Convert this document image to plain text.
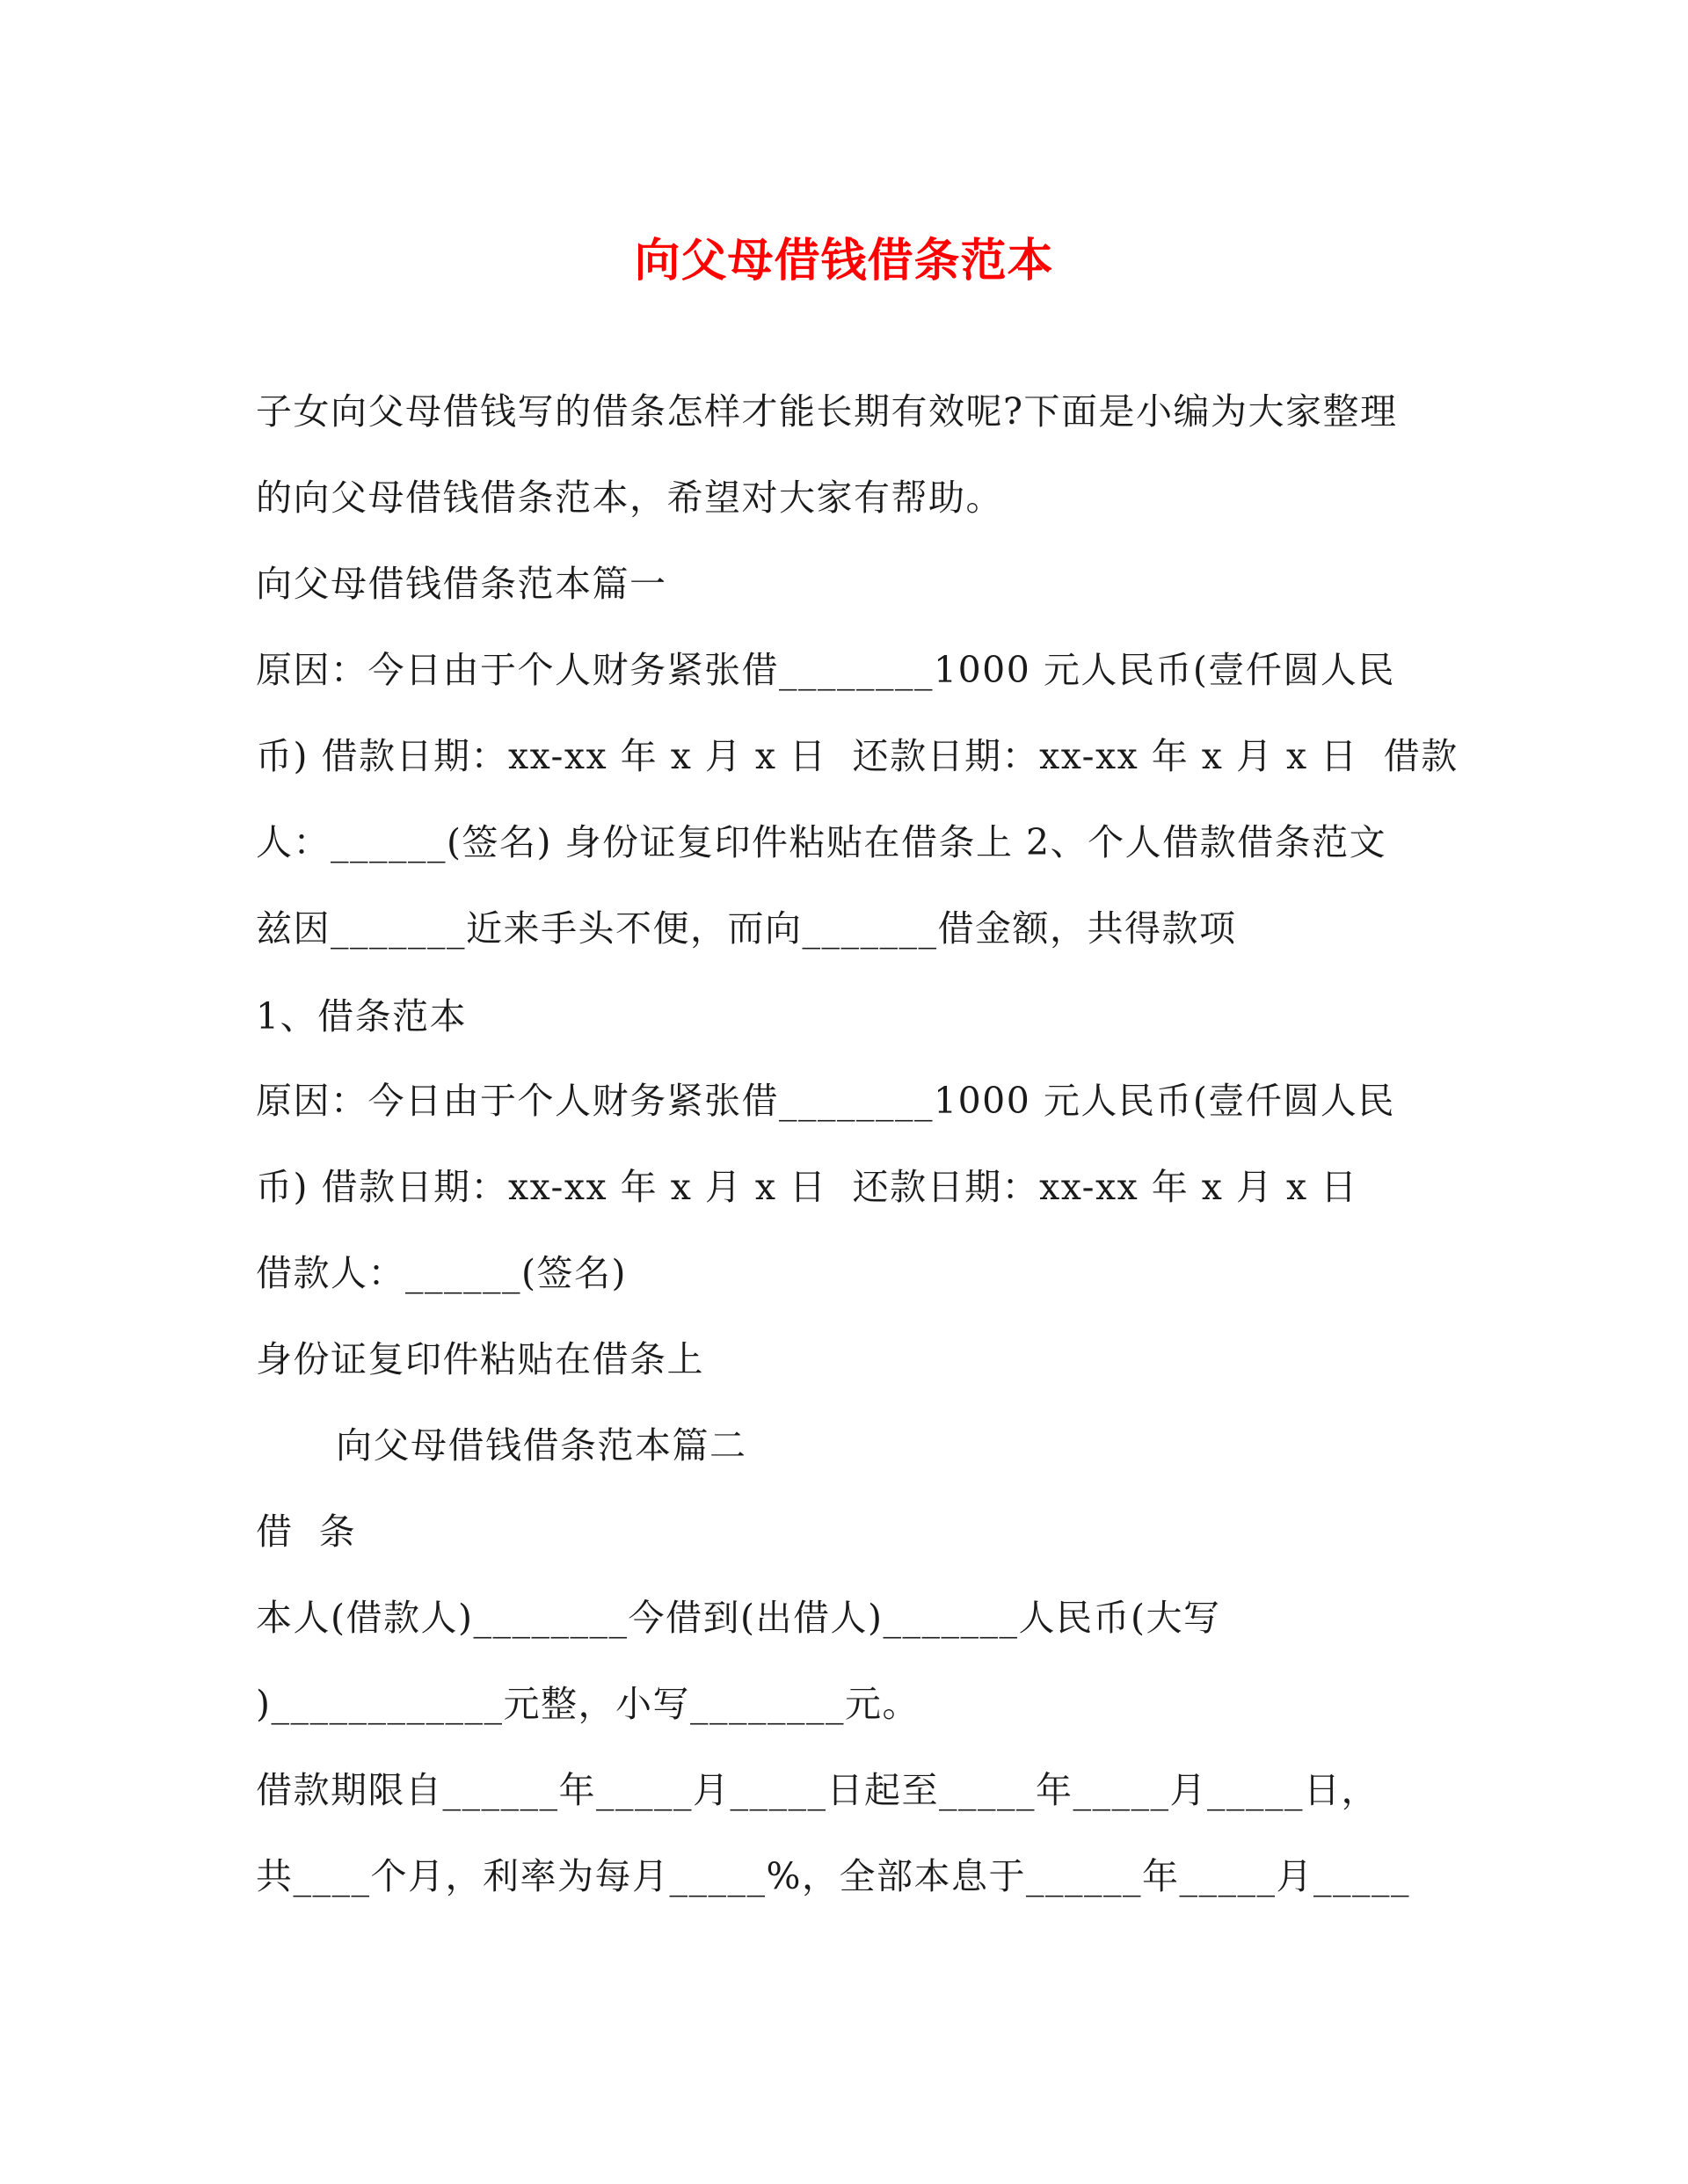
向父母借钱借条范本
子女向父母借钱写的借条怎样才能长期有效呢?下面是小编为大家整理
的向父母借钱借条范本，希望对大家有帮助。
向父母借钱借条范本篇一
原因：今日由于个人财务紧张借________1000 元人民币(壹仟圆人民
币) 借款日期：xx-xx 年 x 月 x 日  还款日期：xx-xx 年 x 月 x 日  借款
人：______(签名) 身份证复印件粘贴在借条上 2、个人借款借条范文
兹因_______近来手头不便，而向_______借金额，共得款项
1、借条范本
原因：今日由于个人财务紧张借________1000 元人民币(壹仟圆人民
币) 借款日期：xx-xx 年 x 月 x 日  还款日期：xx-xx 年 x 月 x 日
借款人：______(签名)
身份证复印件粘贴在借条上
向父母借钱借条范本篇二
借  条
本人(借款人)________今借到(出借人)_______人民币(大写
)____________元整，小写________元。
借款期限自______年_____月_____日起至_____年_____月_____日，
共____个月，利率为每月_____%，全部本息于______年_____月_____
